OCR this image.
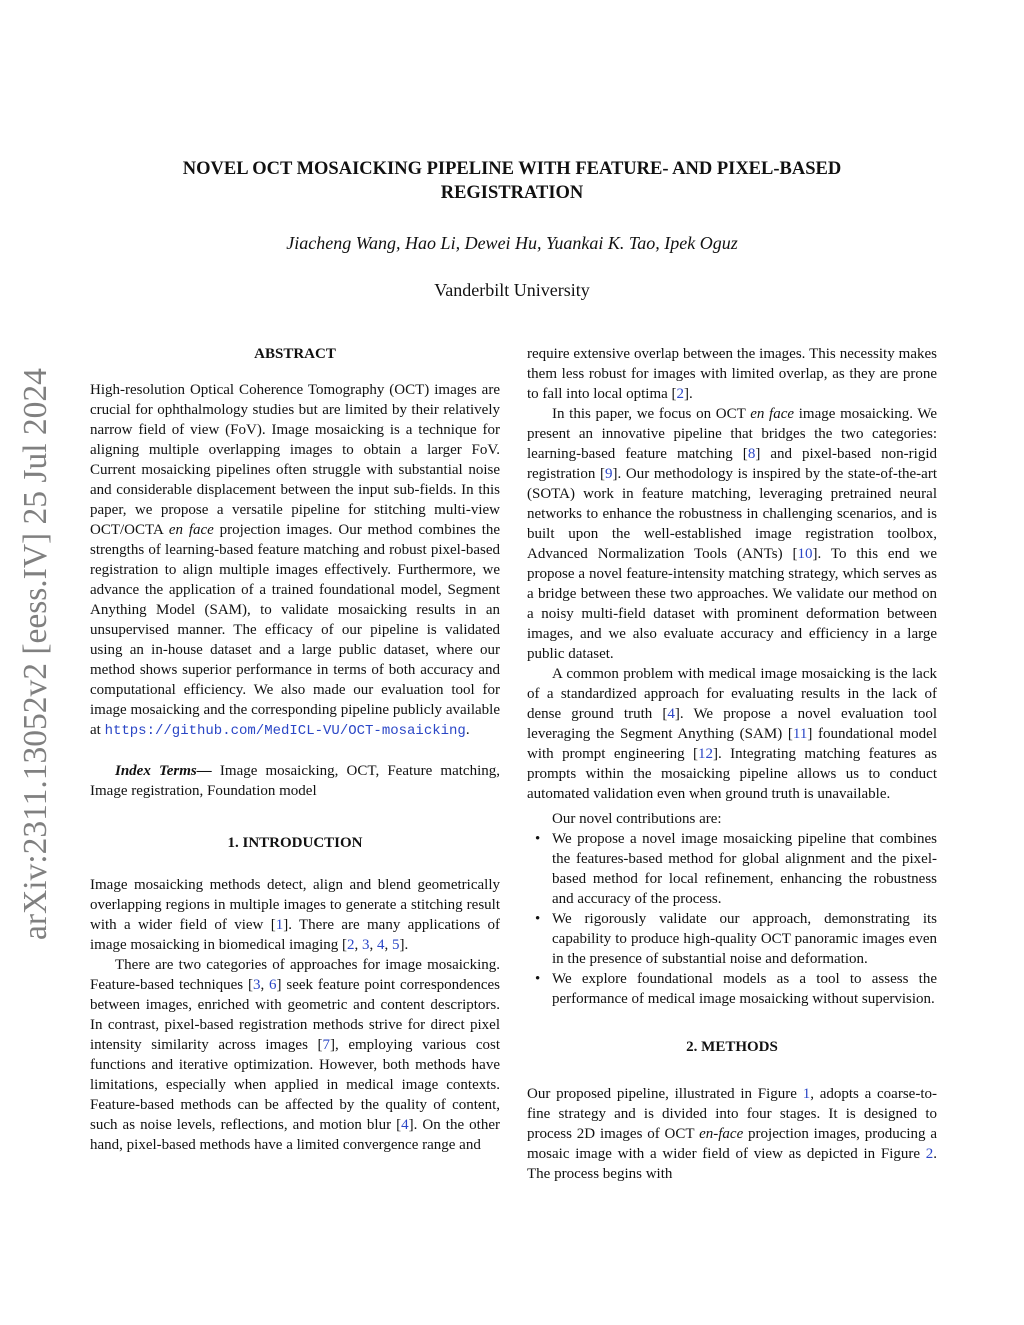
arXiv:2311.13052v2 [eess.IV] 25 Jul 2024
NOVEL OCT MOSAICKING PIPELINE WITH FEATURE- AND PIXEL-BASED
REGISTRATION
Jiacheng Wang, Hao Li, Dewei Hu, Yuankai K. Tao, Ipek Oguz
Vanderbilt University
ABSTRACT

High-resolution Optical Coherence Tomography (OCT) images are crucial for ophthalmology studies but are limited by their relatively narrow field of view (FoV). Image mosaicking is a technique for aligning multiple overlapping images to obtain a larger FoV. Current mosaicking pipelines often struggle with substantial noise and considerable displacement between the input sub-fields. In this paper, we propose a versatile pipeline for stitching multi-view OCT/OCTA en face projection images. Our method combines the strengths of learning-based feature matching and robust pixel-based registration to align multiple images effectively. Furthermore, we advance the application of a trained foundational model, Segment Anything Model (SAM), to validate mosaicking results in an unsupervised manner. The efficacy of our pipeline is validated using an in-house dataset and a large public dataset, where our method shows superior performance in terms of both accuracy and computational efficiency. We also made our evaluation tool for image mosaicking and the corresponding pipeline publicly available at https://github.com/MedICL-VU/OCT-mosaicking.

Index Terms— Image mosaicking, OCT, Feature matching, Image registration, Foundation model

1. INTRODUCTION

Image mosaicking methods detect, align and blend geometrically overlapping regions in multiple images to generate a stitching result with a wider field of view [1]. There are many applications of image mosaicking in biomedical imaging [2, 3, 4, 5].

There are two categories of approaches for image mosaicking. Feature-based techniques [3, 6] seek feature point correspondences between images, enriched with geometric and content descriptors. In contrast, pixel-based registration methods strive for direct pixel intensity similarity across images [7], employing various cost functions and iterative optimization. However, both methods have limitations, especially when applied in medical image contexts. Feature-based methods can be affected by the quality of content, such as noise levels, reflections, and motion blur [4]. On the other hand, pixel-based methods have a limited convergence range and

require extensive overlap between the images. This necessity makes them less robust for images with limited overlap, as they are prone to fall into local optima [2].

In this paper, we focus on OCT en face image mosaicking. We present an innovative pipeline that bridges the two categories: learning-based feature matching [8] and pixel-based non-rigid registration [9]. Our methodology is inspired by the state-of-the-art (SOTA) work in feature matching, leveraging pretrained neural networks to enhance the robustness in challenging scenarios, and is built upon the well-established image registration toolbox, Advanced Normalization Tools (ANTs) [10]. To this end we propose a novel feature-intensity matching strategy, which serves as a bridge between these two approaches. We validate our method on a noisy multi-field dataset with prominent deformation between images, and we also evaluate accuracy and efficiency in a large public dataset.

A common problem with medical image mosaicking is the lack of a standardized approach for evaluating results in the lack of dense ground truth [4]. We propose a novel evaluation tool leveraging the Segment Anything (SAM) [11] foundational model with prompt engineering [12]. Integrating matching features as prompts within the mosaicking pipeline allows us to conduct automated validation even when ground truth is unavailable.

Our novel contributions are:

• We propose a novel image mosaicking pipeline that combines the features-based method for global alignment and the pixel-based method for local refinement, enhancing the robustness and accuracy of the process.
• We rigorously validate our approach, demonstrating its capability to produce high-quality OCT panoramic images even in the presence of substantial noise and deformation.
• We explore foundational models as a tool to assess the performance of medical image mosaicking without supervision.
2. METHODS

Our proposed pipeline, illustrated in Figure 1, adopts a coarse-to-fine strategy and is divided into four stages. It is designed to process 2D images of OCT en-face projection images, producing a mosaic image with a wider field of view as depicted in Figure 2. The process begins with
